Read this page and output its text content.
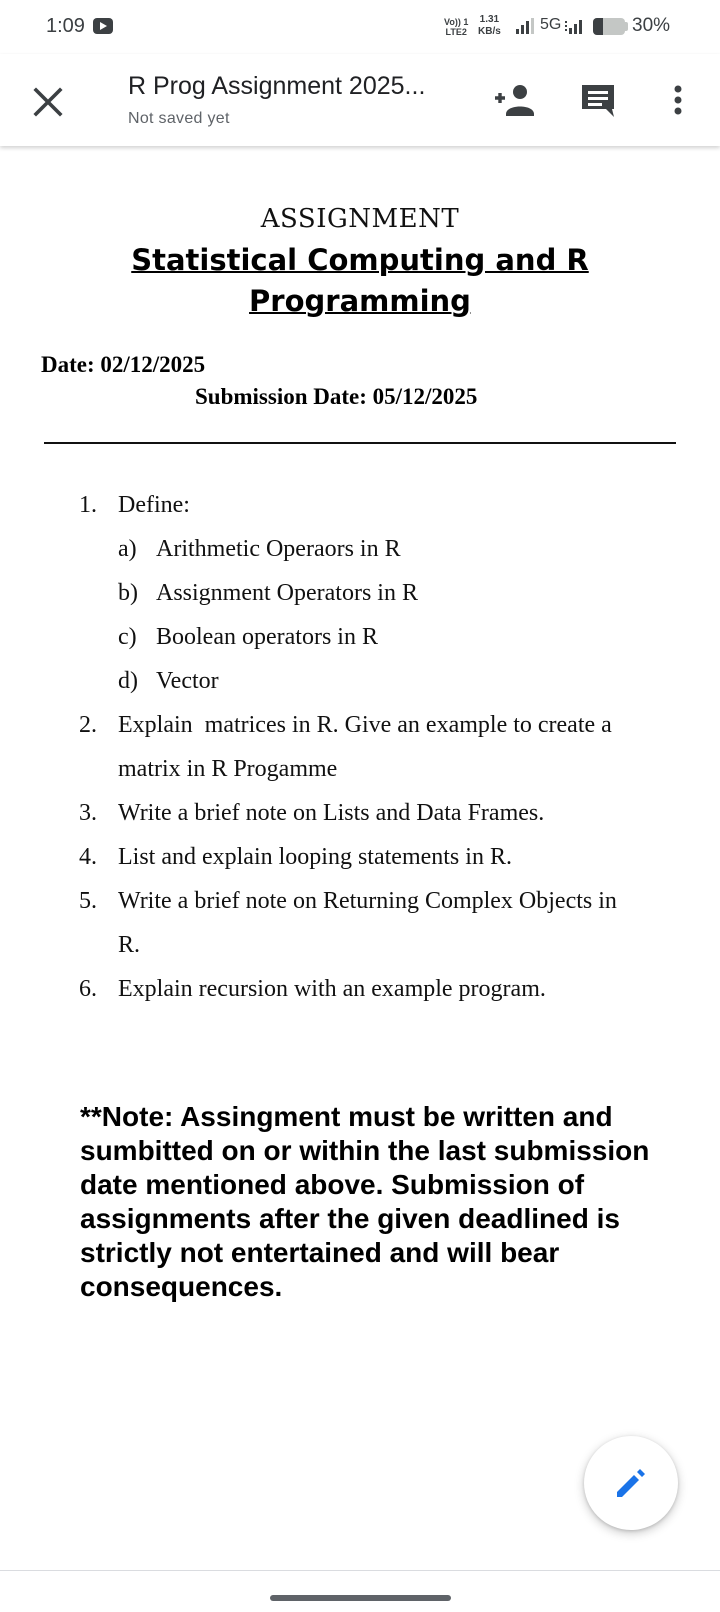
1:09	Vo)) 1
LTE2
1.31
KB/s 5G	30%
R Prog Assignment 2025...
Not saved yet
ASSIGNMENT
Statistical Computing and R Programming
Date: 02/12/2025
Submission Date: 05/12/2025
1. Define:
a) Arithmetic Operaors in R
b) Assignment Operators in R
c) Boolean operators in R
d) Vector
2. Explain  matrices in R. Give an example to create a
matrix in R Progamme
3. Write a brief note on Lists and Data Frames.
4. List and explain looping statements in R.
5. Write a brief note on Returning Complex Objects in
R.
6. Explain recursion with an example program.
**Note: Assingment must be written and sumbitted on or within the last submission date mentioned above. Submission of assignments after the given deadlined is strictly not entertained and will bear consequences.
